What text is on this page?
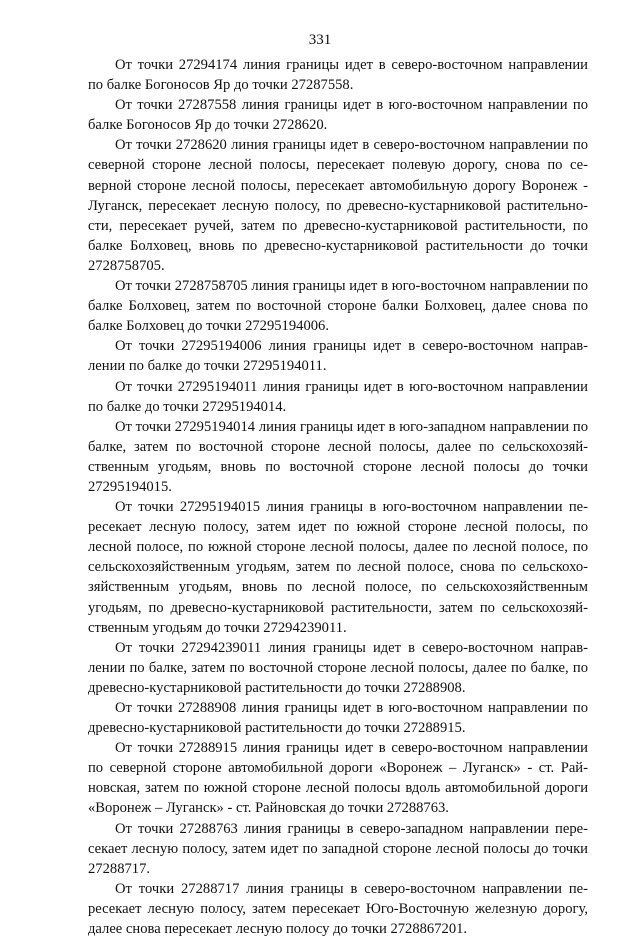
331

От точки 27294174 линия границы идет в северо-восточном направлении по балке Богоносов Яр до точки 27287558.

От точки 27287558 линия границы идет в юго-восточном направлении по балке Богоносов Яр до точки 2728620.

От точки 2728620 линия границы идет в северо-восточном направлении по северной стороне лесной полосы, пересекает полевую дорогу, снова по северной стороне лесной полосы, пересекает автомобильную дорогу Воронеж - Луганск, пересекает лесную полосу, по древесно-кустарниковой растительности, пересекает ручей, затем по древесно-кустарниковой растительности, по балке Болховец, вновь по древесно-кустарниковой растительности до точки 2728758705.

От точки 2728758705 линия границы идет в юго-восточном направлении по балке Болховец, затем по восточной стороне балки Болховец, далее снова по балке Болховец до точки 27295194006.

От точки 27295194006 линия границы идет в северо-восточном направлении по балке до точки 27295194011.

От точки 27295194011 линия границы идет в юго-восточном направлении по балке до точки 27295194014.

От точки 27295194014 линия границы идет в юго-западном направлении по балке, затем по восточной стороне лесной полосы, далее по сельскохозяйственным угодьям, вновь по восточной стороне лесной полосы до точки 27295194015.

От точки 27295194015 линия границы в юго-восточном направлении пересекает лесную полосу, затем идет по южной стороне лесной полосы, по лесной полосе, по южной стороне лесной полосы, далее по лесной полосе, по сельскохозяйственным угодьям, затем по лесной полосе, снова по сельскохозяйственным угодьям, вновь по лесной полосе, по сельскохозяйственным угодьям, по древесно-кустарниковой растительности, затем по сельскохозяйственным угодьям до точки 27294239011.

От точки 27294239011 линия границы идет в северо-восточном направлении по балке, затем по восточной стороне лесной полосы, далее по балке, по древесно-кустарниковой растительности до точки 27288908.

От точки 27288908 линия границы идет в юго-восточном направлении по древесно-кустарниковой растительности до точки 27288915.

От точки 27288915 линия границы идет в северо-восточном направлении по северной стороне автомобильной дороги «Воронеж – Луганск» - ст. Райновская, затем по южной стороне лесной полосы вдоль автомобильной дороги «Воронеж – Луганск» - ст. Райновская до точки 27288763.

От точки 27288763 линия границы в северо-западном направлении пересекает лесную полосу, затем идет по западной стороне лесной полосы до точки 27288717.

От точки 27288717 линия границы в северо-восточном направлении пересекает лесную полосу, затем пересекает Юго-Восточную железную дорогу, далее снова пересекает лесную полосу до точки 2728867201.
